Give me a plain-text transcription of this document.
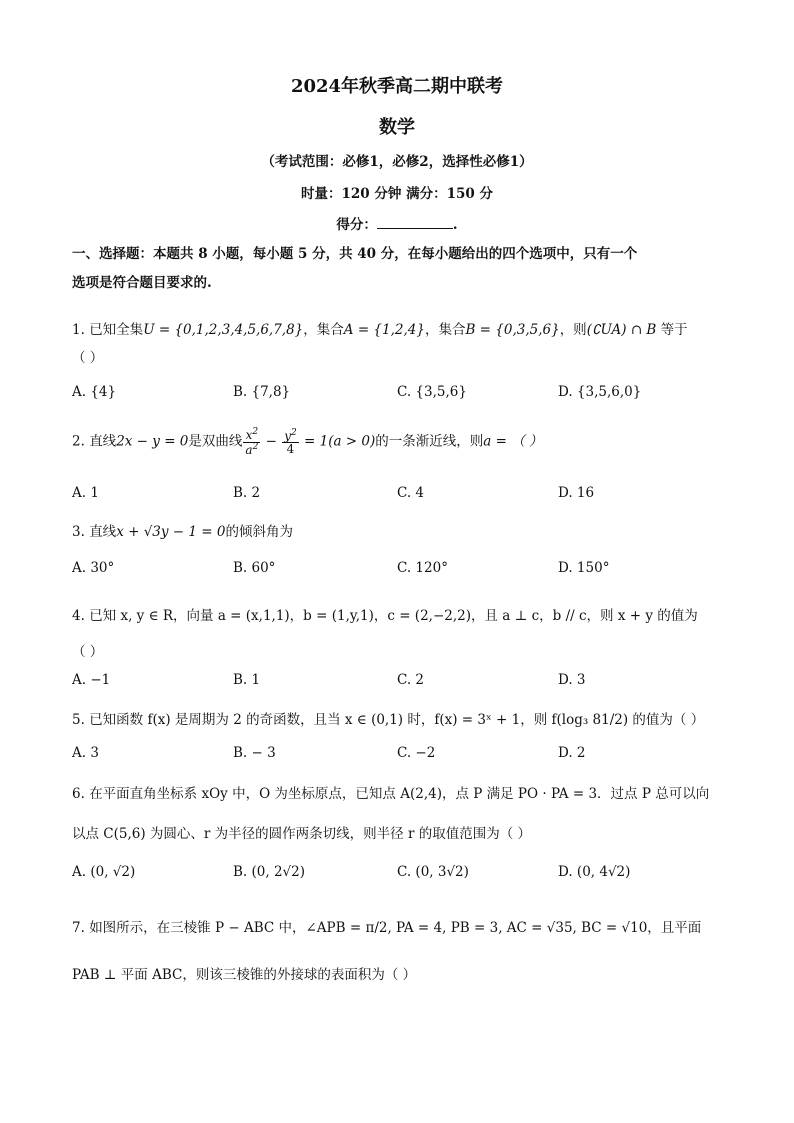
2024年秋季高二期中联考
数学
（考试范围：必修1，必修2，选择性必修1）
时量：120 分钟 满分：150 分
得分：	.
一、选择题：本题共 8 小题，每小题 5 分，共 40 分，在每小题给出的四个选项中，只有一个
选项是符合题目要求的.
1. 已知全集U = {0,1,2,3,4,5,6,7,8}，集合A = {1,2,4}，集合B = {0,3,5,6}，则(∁UA) ∩ B 等于
（ ）
A. {4}	B. {7,8}	C. {3,5,6}	D. {3,5,6,0}
2. 直线2x − y = 0是双曲线 $\frac{x^2}{a^2} - \frac{y^2}{4} = 1(a > 0)$的一条渐近线，则a = （ ）
A. 1	B. 2	C. 4	D. 16
3. 直线x + √3y − 1 = 0的倾斜角为
A. 30°	B. 60°	C. 120°	D. 150°
4. 已知 x, y ∈ R，向量 a = (x,1,1)，b = (1,y,1)，c = (2,−2,2)，且 a ⊥ c，b // c，则 x + y 的值为
（ ）
A. −1	B. 1	C. 2	D. 3
5. 已知函数 f(x) 是周期为 2 的奇函数，且当 x ∈ (0,1) 时，f(x) = 3ˣ + 1，则 f(log₃ 81/2) 的值为（ ）
A. 3	B. − 3	C. −2	D. 2
6. 在平面直角坐标系 xOy 中，O 为坐标原点，已知点 A(2,4)，点 P 满足 PO · PA = 3．过点 P 总可以向
以点 C(5,6) 为圆心、r 为半径的圆作两条切线，则半径 r 的取值范围为（ ）
A. (0, √2)	B. (0, 2√2)	C. (0, 3√2)	D. (0, 4√2)
7. 如图所示，在三棱锥 P − ABC 中，∠APB = π/2, PA = 4, PB = 3, AC = √35, BC = √10，且平面
PAB ⊥ 平面 ABC，则该三棱锥的外接球的表面积为（ ）
